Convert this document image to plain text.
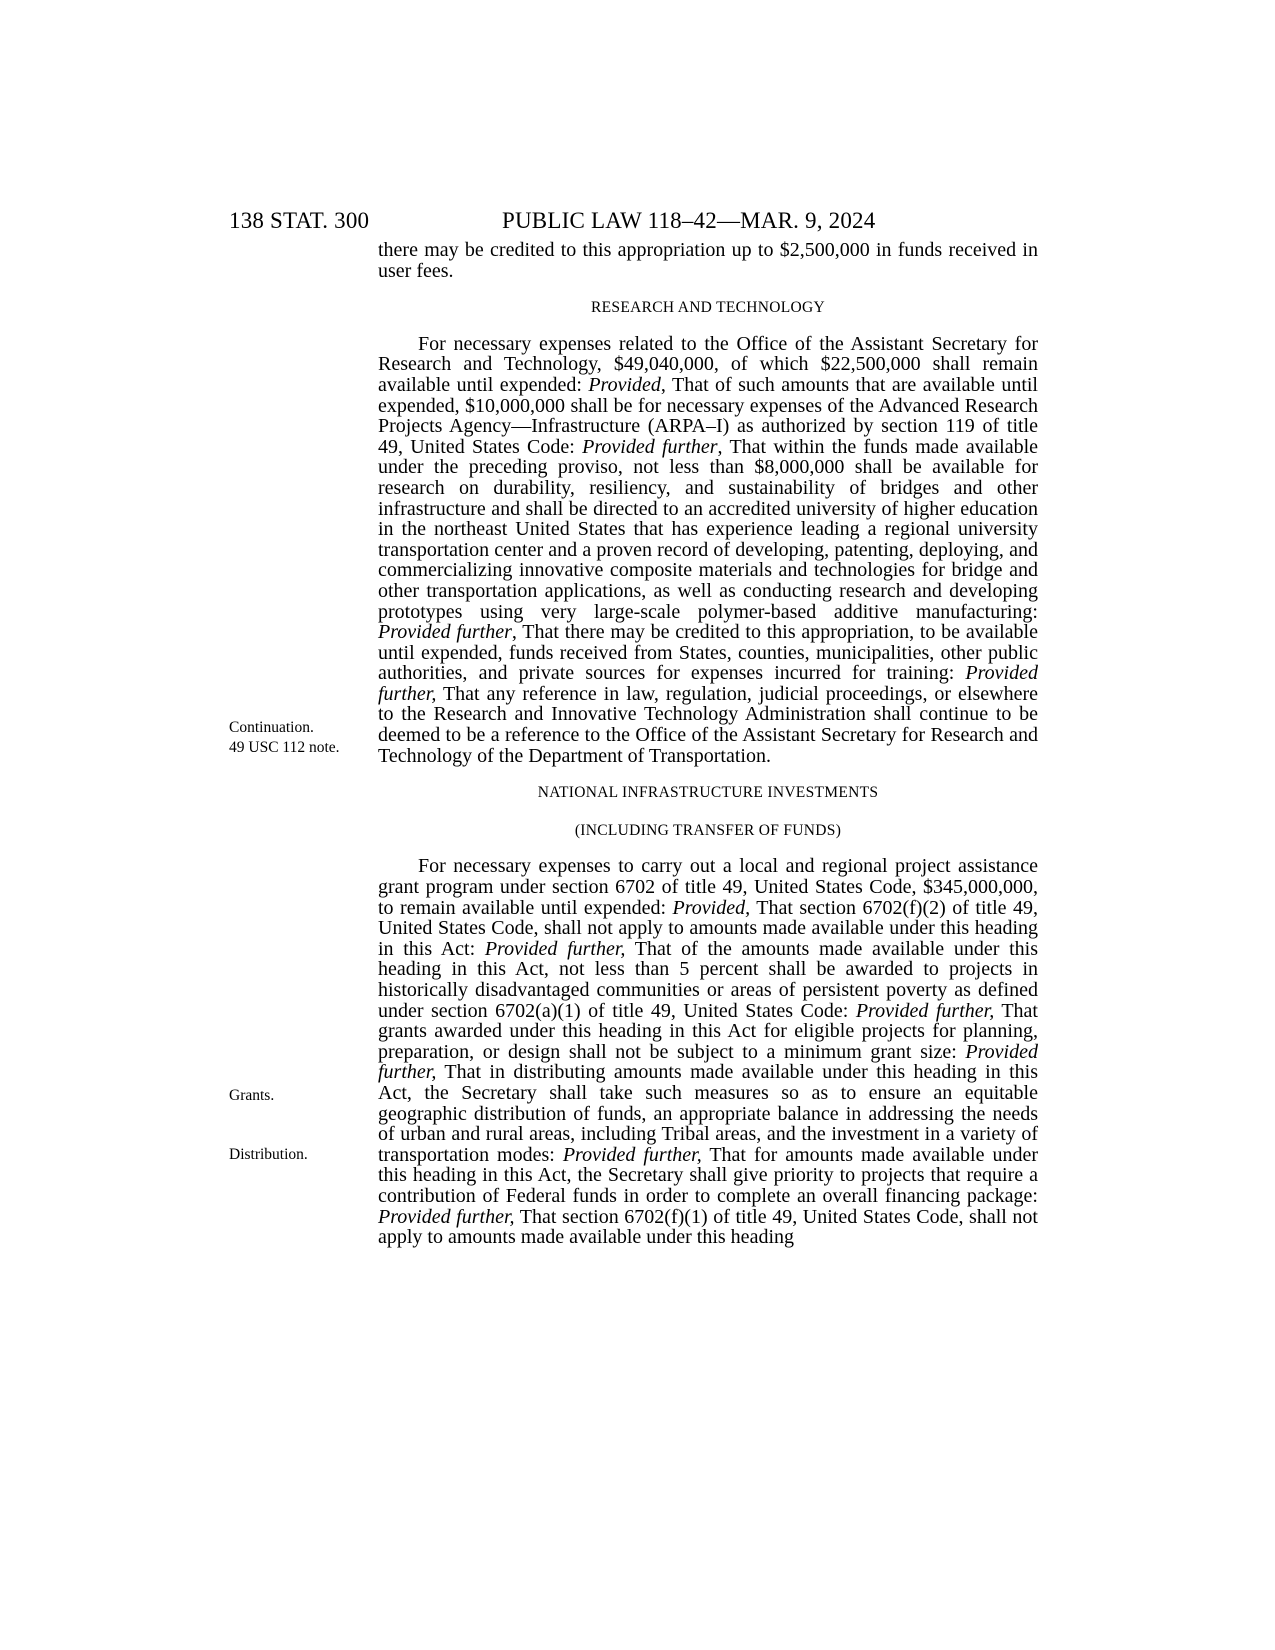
138 STAT. 300	PUBLIC LAW 118–42—MAR. 9, 2024
Continuation.
49 USC 112 note.
Grants.
Distribution.

there may be credited to this appropriation up to $2,500,000 in funds received in user fees.

RESEARCH AND TECHNOLOGY

For necessary expenses related to the Office of the Assistant Secretary for Research and Technology, $49,040,000, of which $22,500,000 shall remain available until expended: Provided, That of such amounts that are available until expended, $10,000,000 shall be for necessary expenses of the Advanced Research Projects Agency—Infrastructure (ARPA–I) as authorized by section 119 of title 49, United States Code: Provided further, That within the funds made available under the preceding proviso, not less than $8,000,000 shall be available for research on durability, resiliency, and sustainability of bridges and other infrastructure and shall be directed to an accredited university of higher education in the northeast United States that has experience leading a regional university transportation center and a proven record of developing, patenting, deploying, and commercializing innovative composite materials and technologies for bridge and other transportation applications, as well as conducting research and developing prototypes using very large-scale polymer-based additive manufacturing: Provided further, That there may be credited to this appropriation, to be available until expended, funds received from States, counties, municipalities, other public authorities, and private sources for expenses incurred for training: Provided further, That any reference in law, regulation, judicial proceedings, or elsewhere to the Research and Innovative Technology Administration shall continue to be deemed to be a reference to the Office of the Assistant Secretary for Research and Technology of the Department of Transportation.

NATIONAL INFRASTRUCTURE INVESTMENTS

(INCLUDING TRANSFER OF FUNDS)

For necessary expenses to carry out a local and regional project assistance grant program under section 6702 of title 49, United States Code, $345,000,000, to remain available until expended: Provided, That section 6702(f)(2) of title 49, United States Code, shall not apply to amounts made available under this heading in this Act: Provided further, That of the amounts made available under this heading in this Act, not less than 5 percent shall be awarded to projects in historically disadvantaged communities or areas of persistent poverty as defined under section 6702(a)(1) of title 49, United States Code: Provided further, That grants awarded under this heading in this Act for eligible projects for planning, preparation, or design shall not be subject to a minimum grant size: Provided further, That in distributing amounts made available under this heading in this Act, the Secretary shall take such measures so as to ensure an equitable geographic distribution of funds, an appropriate balance in addressing the needs of urban and rural areas, including Tribal areas, and the investment in a variety of transportation modes: Provided further, That for amounts made available under this heading in this Act, the Secretary shall give priority to projects that require a contribution of Federal funds in order to complete an overall financing package: Provided further, That section 6702(f)(1) of title 49, United States Code, shall not apply to amounts made available under this heading
